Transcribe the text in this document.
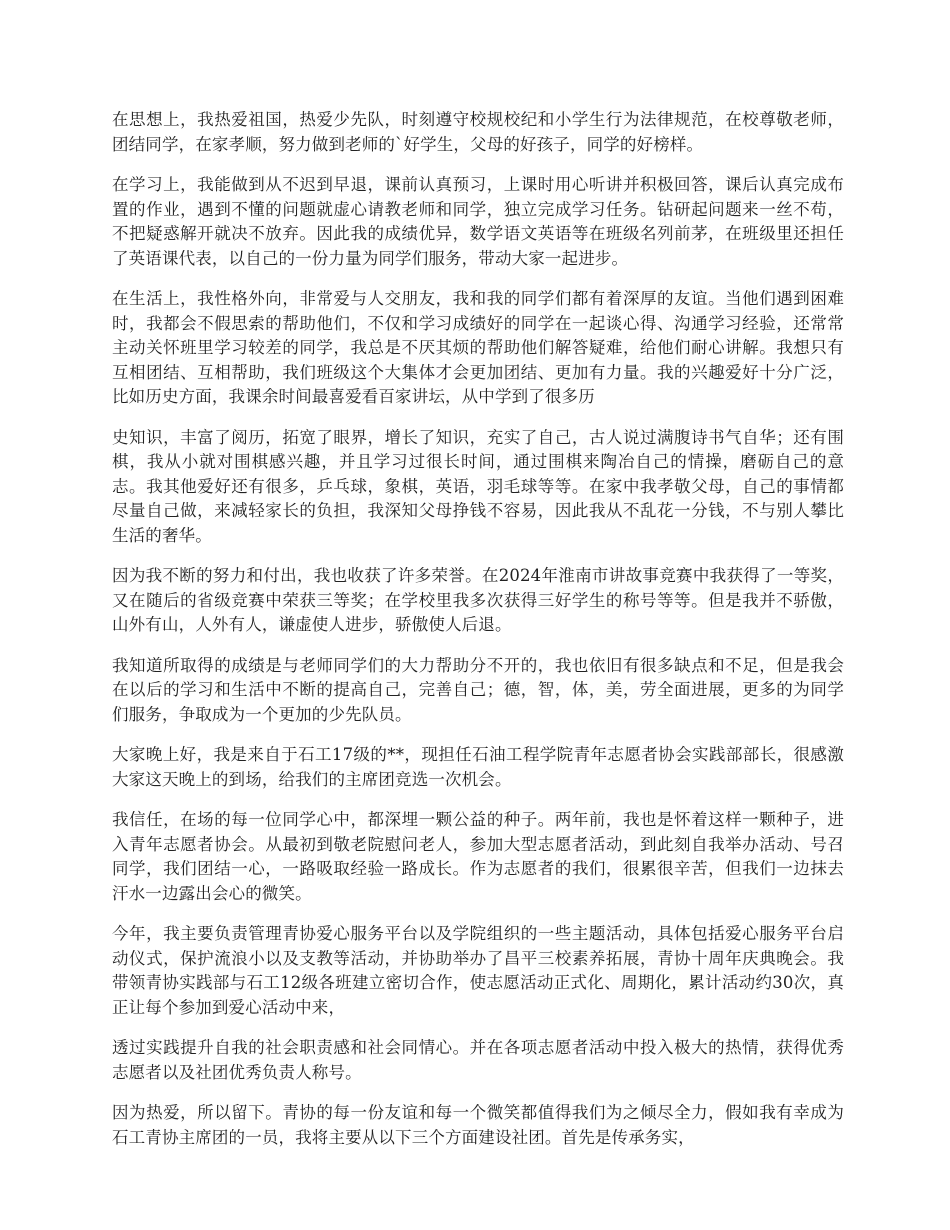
在思想上，我热爱祖国，热爱少先队，时刻遵守校规校纪和小学生行为法律规范，在校尊敬老师，团结同学，在家孝顺，努力做到老师的`好学生，父母的好孩子，同学的好榜样。

在学习上，我能做到从不迟到早退，课前认真预习，上课时用心听讲并积极回答，课后认真完成布置的作业，遇到不懂的问题就虚心请教老师和同学，独立完成学习任务。钻研起问题来一丝不苟，不把疑惑解开就决不放弃。因此我的成绩优异，数学语文英语等在班级名列前茅，在班级里还担任了英语课代表，以自己的一份力量为同学们服务，带动大家一起进步。

在生活上，我性格外向，非常爱与人交朋友，我和我的同学们都有着深厚的友谊。当他们遇到困难时，我都会不假思索的帮助他们，不仅和学习成绩好的同学在一起谈心得、沟通学习经验，还常常主动关怀班里学习较差的同学，我总是不厌其烦的帮助他们解答疑难，给他们耐心讲解。我想只有互相团结、互相帮助，我们班级这个大集体才会更加团结、更加有力量。我的兴趣爱好十分广泛，比如历史方面，我课余时间最喜爱看百家讲坛，从中学到了很多历

史知识，丰富了阅历，拓宽了眼界，增长了知识，充实了自己，古人说过满腹诗书气自华；还有围棋，我从小就对围棋感兴趣，并且学习过很长时间，通过围棋来陶冶自己的情操，磨砺自己的意志。我其他爱好还有很多，乒乓球，象棋，英语，羽毛球等等。在家中我孝敬父母，自己的事情都尽量自己做，来减轻家长的负担，我深知父母挣钱不容易，因此我从不乱花一分钱，不与别人攀比生活的奢华。

因为我不断的努力和付出，我也收获了许多荣誉。在2024年淮南市讲故事竞赛中我获得了一等奖，又在随后的省级竞赛中荣获三等奖；在学校里我多次获得三好学生的称号等等。但是我并不骄傲，山外有山，人外有人，谦虚使人进步，骄傲使人后退。

我知道所取得的成绩是与老师同学们的大力帮助分不开的，我也依旧有很多缺点和不足，但是我会在以后的学习和生活中不断的提高自己，完善自己；德，智，体，美，劳全面进展，更多的为同学们服务，争取成为一个更加的少先队员。

大家晚上好，我是来自于石工17级的**，现担任石油工程学院青年志愿者协会实践部部长，很感激大家这天晚上的到场，给我们的主席团竞选一次机会。

我信任，在场的每一位同学心中，都深埋一颗公益的种子。两年前，我也是怀着这样一颗种子，进入青年志愿者协会。从最初到敬老院慰问老人，参加大型志愿者活动，到此刻自我举办活动、号召同学，我们团结一心，一路吸取经验一路成长。作为志愿者的我们，很累很辛苦，但我们一边抹去汗水一边露出会心的微笑。

今年，我主要负责管理青协爱心服务平台以及学院组织的一些主题活动，具体包括爱心服务平台启动仪式，保护流浪小以及支教等活动，并协助举办了昌平三校素养拓展，青协十周年庆典晚会。我带领青协实践部与石工12级各班建立密切合作，使志愿活动正式化、周期化，累计活动约30次，真正让每个参加到爱心活动中来，

透过实践提升自我的社会职责感和社会同情心。并在各项志愿者活动中投入极大的热情，获得优秀志愿者以及社团优秀负责人称号。

因为热爱，所以留下。青协的每一份友谊和每一个微笑都值得我们为之倾尽全力，假如我有幸成为石工青协主席团的一员，我将主要从以下三个方面建设社团。首先是传承务实，
